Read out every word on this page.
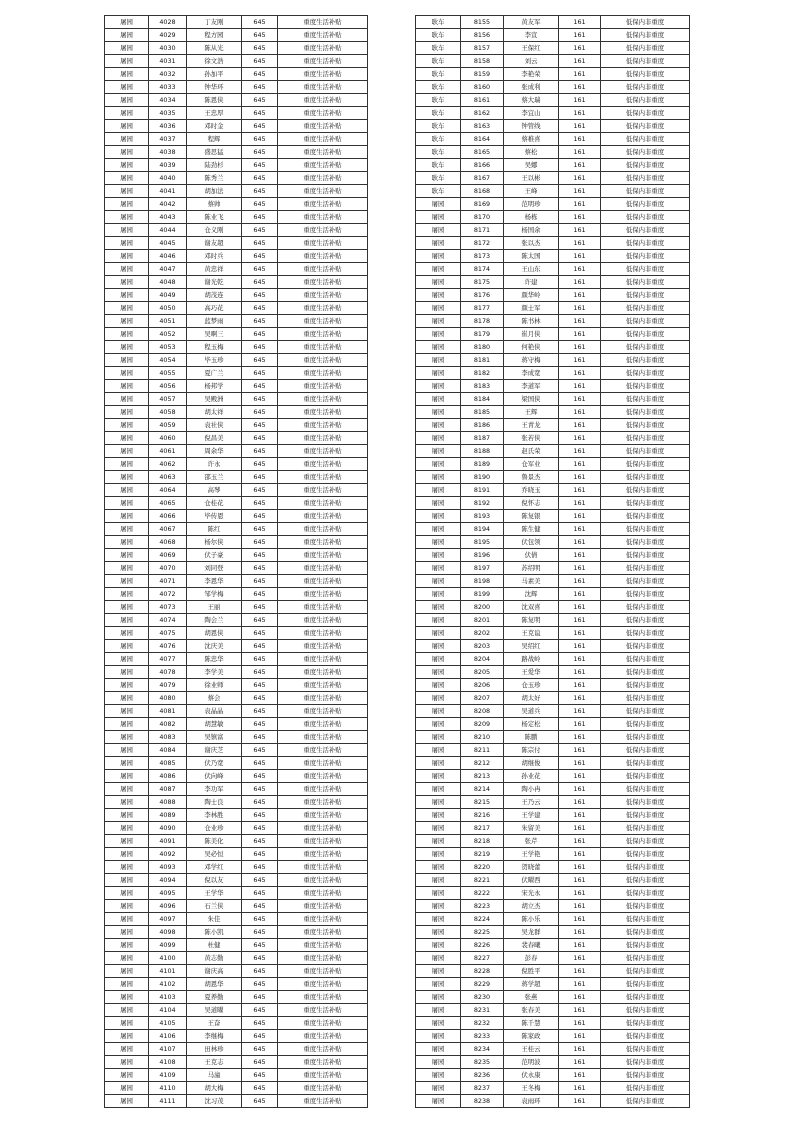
屠园	4028	丁友刚	645	重度生活补贴
屠园	4029	程方园	645	重度生活补贴
屠园	4030	陈从光	645	重度生活补贴
屠园	4031	徐文浩	645	重度生活补贴
屠园	4032	孙加平	645	重度生活补贴
屠园	4033	钟华环	645	重度生活补贴
屠园	4034	陈恩侠	645	重度生活补贴
屠园	4035	王忠厚	645	重度生活补贴
屠园	4036	邓时金	645	重度生活补贴
屠园	4037	程辉	645	重度生活补贴
屠园	4038	盛思猛	645	重度生活补贴
屠园	4039	陆劲杉	645	重度生活补贴
屠园	4040	陈秀兰	645	重度生活补贴
屠园	4041	胡加法	645	重度生活补贴
屠园	4042	蔡帅	645	重度生活补贴
屠园	4043	陈业飞	645	重度生活补贴
屠园	4044	仓义刚	645	重度生活补贴
屠园	4045	谢友超	645	重度生活补贴
屠园	4046	邓时兵	645	重度生活补贴
屠园	4047	黄忠祥	645	重度生活补贴
屠园	4048	谢光乾	645	重度生活补贴
屠园	4049	胡茂连	645	重度生活补贴
屠园	4050	高巧花	645	重度生活补贴
屠园	4051	蓝梦雨	645	重度生活补贴
屠园	4052	吴啊三	645	重度生活补贴
屠园	4053	程玉梅	645	重度生活补贴
屠园	4054	毕玉珍	645	重度生活补贴
屠园	4055	夏广兰	645	重度生活补贴
屠园	4056	杨邦学	645	重度生活补贴
屠园	4057	吴殿洲	645	重度生活补贴
屠园	4058	胡太祥	645	重度生活补贴
屠园	4059	袁社侠	645	重度生活补贴
屠园	4060	倪昌美	645	重度生活补贴
屠园	4061	周余华	645	重度生活补贴
屠园	4062	许永	645	重度生活补贴
屠园	4063	邵玉兰	645	重度生活补贴
屠园	4064	高琴	645	重度生活补贴
屠园	4065	仓桂花	645	重度生活补贴
屠园	4066	毕传恩	645	重度生活补贴
屠园	4067	陈红	645	重度生活补贴
屠园	4068	杨尔侠	645	重度生活补贴
屠园	4069	伏子豪	645	重度生活补贴
屠园	4070	刘同登	645	重度生活补贴
屠园	4071	李恩华	645	重度生活补贴
屠园	4072	邹学梅	645	重度生活补贴
屠园	4073	王丽	645	重度生活补贴
屠园	4074	陶会兰	645	重度生活补贴
屠园	4075	胡恩侠	645	重度生活补贴
屠园	4076	沈庆美	645	重度生活补贴
屠园	4077	陈忠华	645	重度生活补贴
屠园	4078	李学美	645	重度生活补贴
屠园	4079	徐业师	645	重度生活补贴
屠园	4080	蔡会	645	重度生活补贴
屠园	4081	袁晶晶	645	重度生活补贴
屠园	4082	胡慧敏	645	重度生活补贴
屠园	4083	吴镇富	645	重度生活补贴
屠园	4084	谢庆芝	645	重度生活补贴
屠园	4085	伏乃宽	645	重度生活补贴
屠园	4086	伏向峰	645	重度生活补贴
屠园	4087	李功军	645	重度生活补贴
屠园	4088	陶士良	645	重度生活补贴
屠园	4089	李林胜	645	重度生活补贴
屠园	4090	仓业珍	645	重度生活补贴
屠园	4091	陈美化	645	重度生活补贴
屠园	4092	吴必恒	645	重度生活补贴
屠园	4093	邓学红	645	重度生活补贴
屠园	4094	倪以友	645	重度生活补贴
屠园	4095	王学华	645	重度生活补贴
屠园	4096	石兰侠	645	重度生活补贴
屠园	4097	朱佳	645	重度生活补贴
屠园	4098	陈小凯	645	重度生活补贴
屠园	4099	杜健	645	重度生活补贴
屠园	4100	黄志勤	645	重度生活补贴
屠园	4101	谢庆高	645	重度生活补贴
屠园	4102	胡恩华	645	重度生活补贴
屠园	4103	夏养勤	645	重度生活补贴
屠园	4104	吴道曜	645	重度生活补贴
屠园	4105	王奋	645	重度生活补贴
屠园	4106	李继梅	645	重度生活补贴
屠园	4107	田林珍	645	重度生活补贴
屠园	4108	王克志	645	重度生活补贴
屠园	4109	马潼	645	重度生活补贴
屠园	4110	胡大梅	645	重度生活补贴
屠园	4111	沈习茂	645	重度生活补贴
耿车	8155	黄友军	161	低保内非重度
耿车	8156	李宣	161	低保内非重度
耿车	8157	王保红	161	低保内非重度
耿车	8158	刘云	161	低保内非重度
耿车	8159	李艳荣	161	低保内非重度
耿车	8160	张成利	161	低保内非重度
耿车	8161	蔡大瑞	161	低保内非重度
耿车	8162	李宜山	161	低保内非重度
耿车	8163	钟管线	161	低保内非重度
耿车	8164	蔡稚喜	161	低保内非重度
耿车	8165	蔡松	161	低保内非重度
耿车	8166	吴娜	161	低保内非重度
耿车	8167	王以彬	161	低保内非重度
耿车	8168	王峰	161	低保内非重度
屠园	8169	范明珍	161	低保内非重度
屠园	8170	杨栋	161	低保内非重度
屠园	8171	杨国余	161	低保内非重度
屠园	8172	张以杰	161	低保内非重度
屠园	8173	陈太国	161	低保内非重度
屠园	8174	王山东	161	低保内非重度
屠园	8175	许建	161	低保内非重度
屠园	8176	颜华岭	161	低保内非重度
屠园	8177	颜士军	161	低保内非重度
屠园	8178	陈书林	161	低保内非重度
屠园	8179	崔月侠	161	低保内非重度
屠园	8180	何艳侠	161	低保内非重度
屠园	8181	蒋守梅	161	低保内非重度
屠园	8182	李成宽	161	低保内非重度
屠园	8183	李道军	161	低保内非重度
屠园	8184	梁国侠	161	低保内非重度
屠园	8185	王辉	161	低保内非重度
屠园	8186	王青龙	161	低保内非重度
屠园	8187	张若侠	161	低保内非重度
屠园	8188	赵氏荣	161	低保内非重度
屠园	8189	仓军业	161	低保内非重度
屠园	8190	鲁景杰	161	低保内非重度
屠园	8191	乔晓玉	161	低保内非重度
屠园	8192	倪怀志	161	低保内非重度
屠园	8193	陈复银	161	低保内非重度
屠园	8194	陈生健	161	低保内非重度
屠园	8195	伏包领	161	低保内非重度
屠园	8196	伏倩	161	低保内非重度
屠园	8197	苏绍明	161	低保内非重度
屠园	8198	马素美	161	低保内非重度
屠园	8199	沈辉	161	低保内非重度
屠园	8200	沈双喜	161	低保内非重度
屠园	8201	陈复明	161	低保内非重度
屠园	8202	王克谊	161	低保内非重度
屠园	8203	吴绍红	161	低保内非重度
屠园	8204	路战岭	161	低保内非重度
屠园	8205	王爱华	161	低保内非重度
屠园	8206	仓玉珍	161	低保内非重度
屠园	8207	胡太好	161	低保内非重度
屠园	8208	吴道兵	161	低保内非重度
屠园	8209	杨定松	161	低保内非重度
屠园	8210	陈鹏	161	低保内非重度
屠园	8211	陈宗付	161	低保内非重度
屠园	8212	胡继俊	161	低保内非重度
屠园	8213	孙业花	161	低保内非重度
屠园	8214	陶小冉	161	低保内非重度
屠园	8215	王乃云	161	低保内非重度
屠园	8216	王学建	161	低保内非重度
屠园	8217	朱留美	161	低保内非重度
屠园	8218	张芹	161	低保内非重度
屠园	8219	王学艳	161	低保内非重度
屠园	8220	贺晓蕾	161	低保内非重度
屠园	8221	伏曜西	161	低保内非重度
屠园	8222	宋光永	161	低保内非重度
屠园	8223	胡立杰	161	低保内非重度
屠园	8224	陈小乐	161	低保内非重度
屠园	8225	吴龙群	161	低保内非重度
屠园	8226	裴春曦	161	低保内非重度
屠园	8227	彭春	161	低保内非重度
屠园	8228	倪胜平	161	低保内非重度
屠园	8229	蒋学超	161	低保内非重度
屠园	8230	张燕	161	低保内非重度
屠园	8231	张春美	161	低保内非重度
屠园	8232	陈千慧	161	低保内非重度
屠园	8233	陈家政	161	低保内非重度
屠园	8234	王桂云	161	低保内非重度
屠园	8235	范明波	161	低保内非重度
屠园	8236	伏永康	161	低保内非重度
屠园	8237	王冬梅	161	低保内非重度
屠园	8238	袁雨环	161	低保内非重度
…
